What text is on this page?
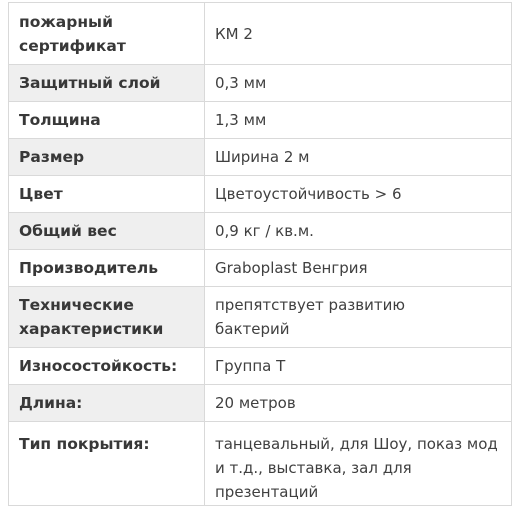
пожарный сертификат	КМ 2
Защитный слой	0,3 мм
Толщина	1,3 мм
Размер	Ширина 2 м
Цвет	Цветоустойчивость > 6
Общий вес	0,9 кг / кв.м.
Производитель	Graboplast Венгрия
Технические характеристики	препятствует развитию бактерий
Износостойкость:	Группа Т
Длина:	20 метров
Тип покрытия:	танцевальный, для Шоу, показ мод и т.д., выставка, зал для презентаций
